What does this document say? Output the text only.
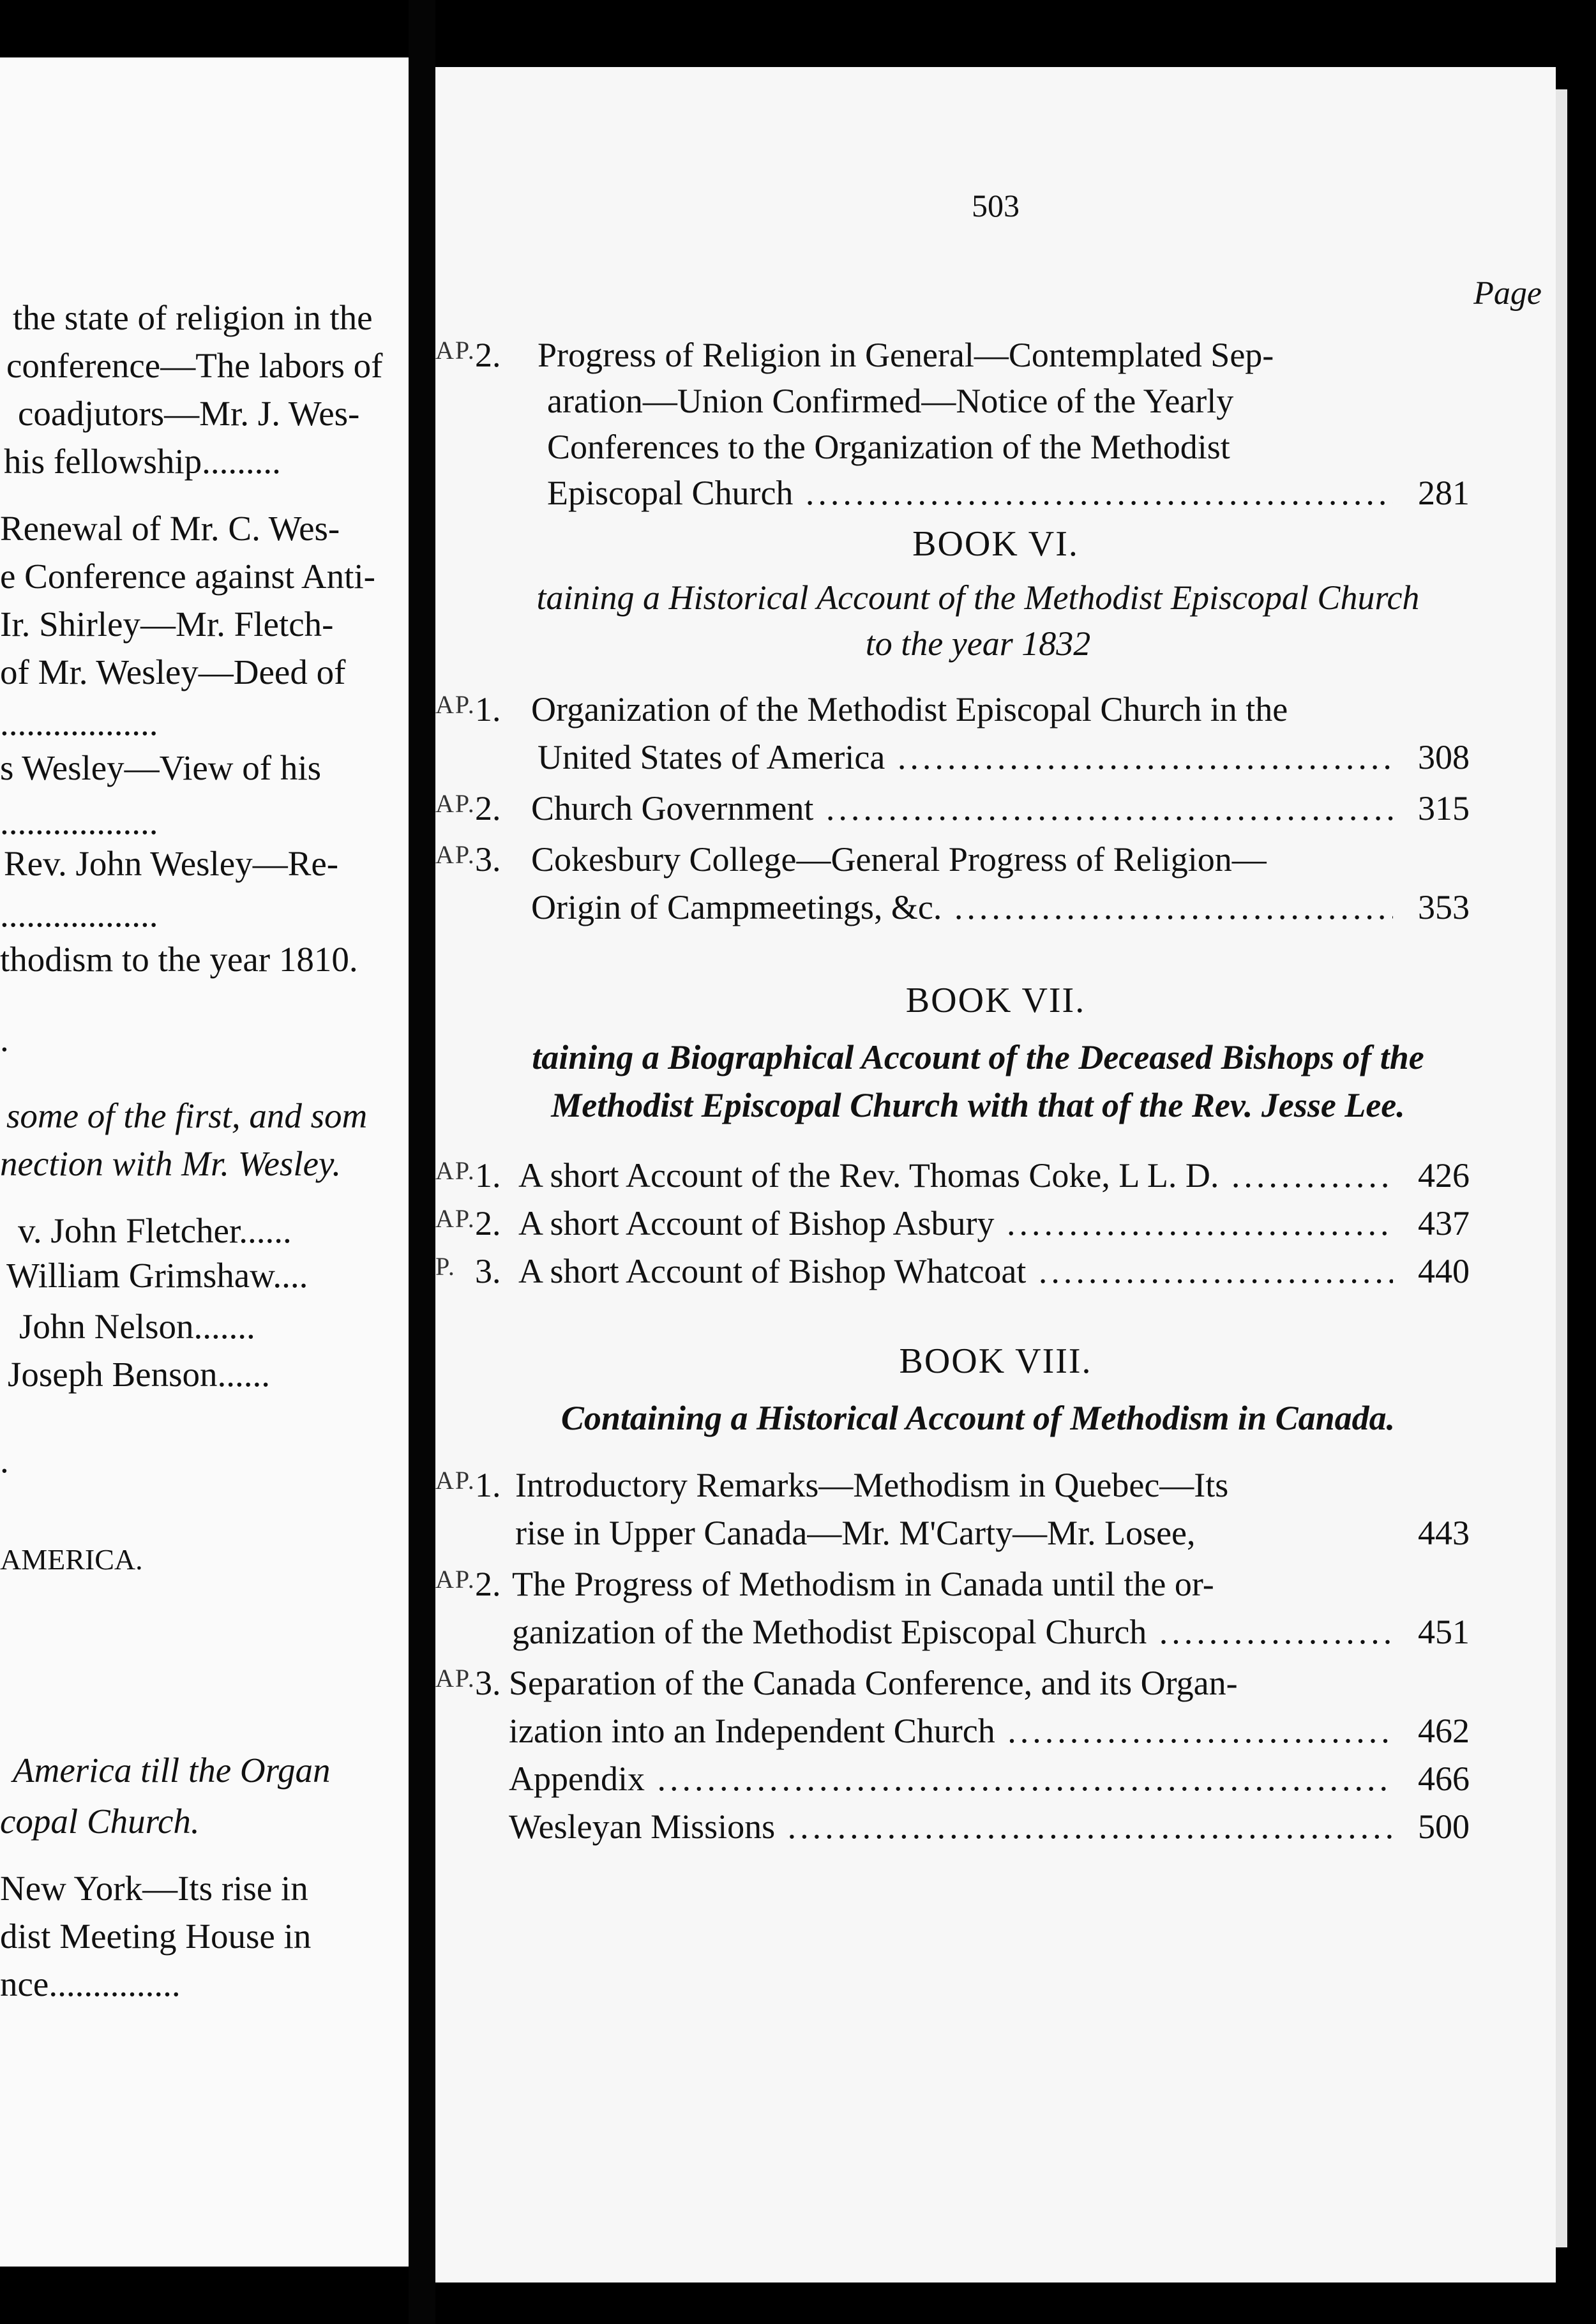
the state of religion in the
conference—The labors of
coadjutors—Mr. J. Wes-
his fellowship.........
Renewal of Mr. C. Wes-
e Conference against Anti-
Ir. Shirley—Mr. Fletch-
of Mr. Wesley—Deed of
..................
s Wesley—View of his
..................
Rev. John Wesley—Re-
..................
thodism to the year 1810.
.
some of the first, and som
nection with Mr. Wesley.
v. John Fletcher......
William Grimshaw....
John Nelson.......
Joseph Benson......
.
AMERICA.
America till the Organ
copal Church.
New York—Its rise in
dist Meeting House in
nce...............
503
Page
AP. 2. Progress of Religion in General—Contemplated Sep-
aration—Union Confirmed—Notice of the Yearly
Conferences to the Organization of the Methodist
Episcopal Church .....	281
BOOK VI.
taining a Historical Account of the Methodist Episcopal Church
to the year 1832
AP. 1. Organization of the Methodist Episcopal Church in the
United States of America .....	308
AP. 2. Church Government .....	315
AP. 3. Cokesbury College—General Progress of Religion—
Origin of Campmeetings, &c. .....	353
BOOK VII.
taining a Biographical Account of the Deceased Bishops of the
Methodist Episcopal Church with that of the Rev. Jesse Lee.
AP. 1. A short Account of the Rev. Thomas Coke, L L. D. .....	426
AP. 2. A short Account of Bishop Asbury .....	437
P. 3. A short Account of Bishop Whatcoat .....	440
BOOK VIII.
Containing a Historical Account of Methodism in Canada.
AP. 1. Introductory Remarks—Methodism in Quebec—Its
rise in Upper Canada—Mr. M'Carty—Mr. Losee,	443
AP. 2. The Progress of Methodism in Canada until the or-
ganization of the Methodist Episcopal Church .....	451
AP. 3. Separation of the Canada Conference, and its Organ-
ization into an Independent Church .....	462
Appendix .....	466
Wesleyan Missions .....	500
